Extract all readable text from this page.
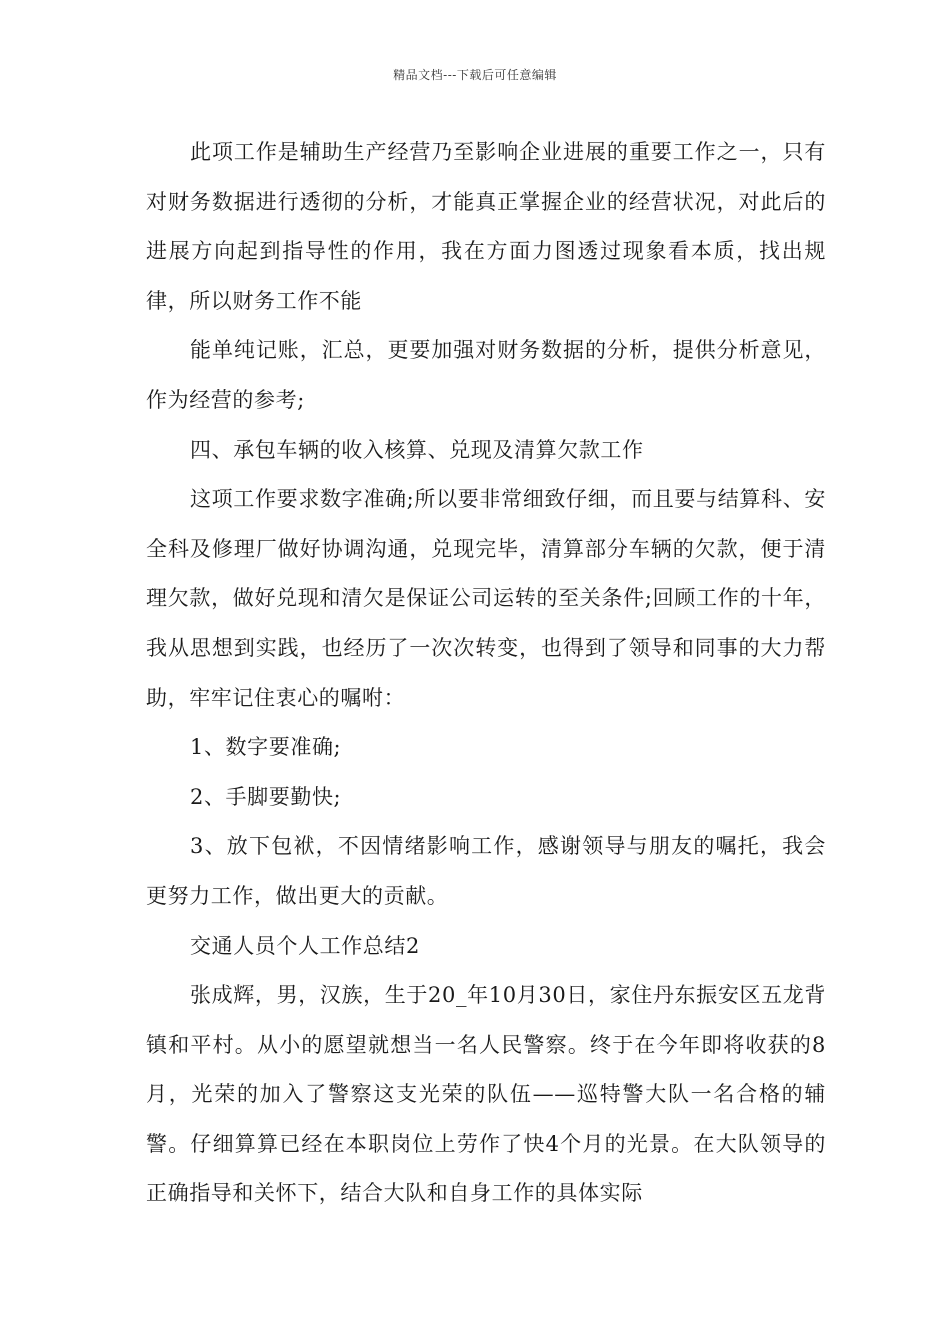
精品文档---下载后可任意编辑

此项工作是辅助生产经营乃至影响企业进展的重要工作之一，只有对财务数据进行透彻的分析，才能真正掌握企业的经营状况，对此后的进展方向起到指导性的作用，我在方面力图透过现象看本质，找出规律，所以财务工作不能

能单纯记账，汇总，更要加强对财务数据的分析，提供分析意见，作为经营的参考;

四、承包车辆的收入核算、兑现及清算欠款工作

这项工作要求数字准确;所以要非常细致仔细，而且要与结算科、安全科及修理厂做好协调沟通，兑现完毕，清算部分车辆的欠款，便于清理欠款，做好兑现和清欠是保证公司运转的至关条件;回顾工作的十年，我从思想到实践，也经历了一次次转变，也得到了领导和同事的大力帮助，牢牢记住衷心的嘱咐：

1、数字要准确;

2、手脚要勤快;

3、放下包袱，不因情绪影响工作，感谢领导与朋友的嘱托，我会更努力工作，做出更大的贡献。

交通人员个人工作总结2

张成辉，男，汉族，生于20_年10月30日，家住丹东振安区五龙背镇和平村。从小的愿望就想当一名人民警察。终于在今年即将收获的8月，光荣的加入了警察这支光荣的队伍——巡特警大队一名合格的辅警。仔细算算已经在本职岗位上劳作了快4个月的光景。在大队领导的正确指导和关怀下，结合大队和自身工作的具体实际
